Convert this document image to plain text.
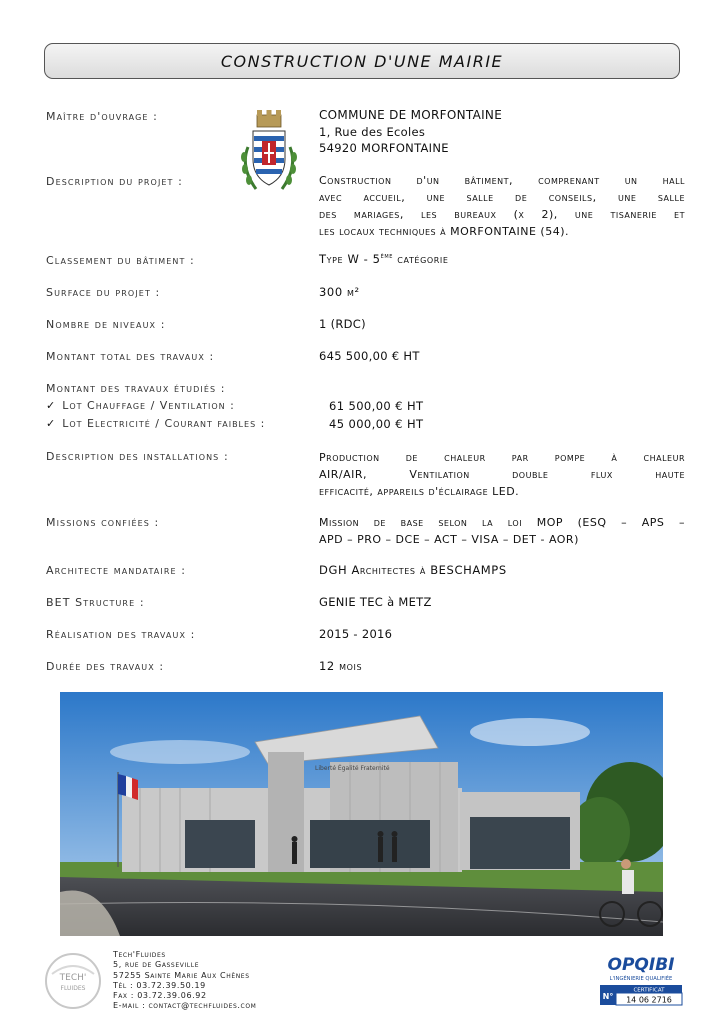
CONSTRUCTION D'UNE MAIRIE
Maître d'ouvrage :	COMMUNE DE MORFONTAINE
1, Rue des Ecoles
54920 MORFONTAINE
Description du projet :	Construction d'un bâtiment, comprenant un hall
avec accueil, une salle de conseils, une salle
des mariages, les bureaux (x 2), une tisanerie et
les locaux techniques à MORFONTAINE (54).
Classement du bâtiment :	Type W - 5ème catégorie
Surface du projet :	300 m²
Nombre de niveaux :	1 (RDC)
Montant total des travaux :	645 500,00 € HT
Montant des travaux étudiés :
✓ Lot Chauffage / Ventilation :	61 500,00 € HT
✓ Lot Electricité / Courant faibles :	45 000,00 € HT
Description des installations :	Production de chaleur par pompe à chaleur
AIR/AIR, Ventilation double flux haute
efficacité, appareils d'éclairage LED.
Missions confiées :	Mission de base selon la loi MOP (ESQ – APS –
APD – PRO – DCE – ACT – VISA – DET - AOR)
Architecte mandataire :	DGH Architectes à BESCHAMPS
BET Structure :	GENIE TEC à METZ
Réalisation des travaux :	2015 - 2016
Durée des travaux :	12 mois
Liberté Égalité Fraternité
TECH'
FLUIDES
Tech'Fluides
5, rue de Gasseville
57255 Sainte Marie Aux Chênes
Tél : 03.72.39.50.19
Fax : 03.72.39.06.92
E-mail : contact@techfluides.com
OPQIBI
L'INGÉNIERIE QUALIFIÉE
N°
CERTIFICAT
14 06 2716
